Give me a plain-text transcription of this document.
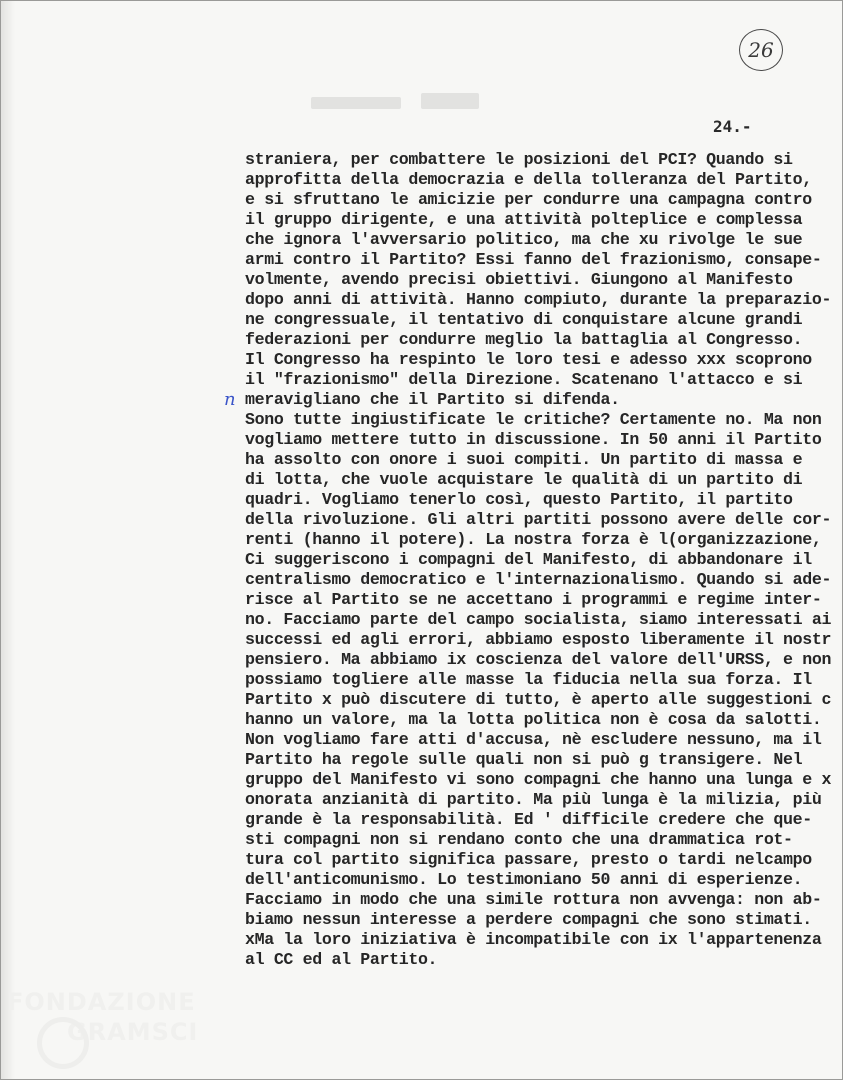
26
24.-
n
straniera, per combattere le posizioni del PCI? Quando si
approfitta della democrazia e della tolleranza del Partito,
e si sfruttano le amicizie per condurre una campagna contro
il gruppo dirigente, e una attività polteplice e complessa
che ignora l'avversario politico, ma che xu rivolge le sue
armi contro il Partito? Essi fanno del frazionismo, consape-
volmente, avendo precisi obiettivi. Giungono al Manifesto
dopo anni di attività. Hanno compiuto, durante la preparazio-
ne congressuale, il tentativo di conquistare alcune grandi
federazioni per condurre meglio la battaglia al Congresso.
Il Congresso ha respinto le loro tesi e adesso xxx scoprono
il "frazionismo" della Direzione. Scatenano l'attacco e si
meravigliano che il Partito si difenda.
Sono tutte ingiustificate le critiche? Certamente no. Ma non
vogliamo mettere tutto in discussione. In 50 anni il Partito
ha assolto con onore i suoi compiti. Un partito di massa e
di lotta, che vuole acquistare le qualità di un partito di
quadri. Vogliamo tenerlo così, questo Partito, il partito
della rivoluzione. Gli altri partiti possono avere delle cor-
renti (hanno il potere). La nostra forza è l(organizzazione,
Ci suggeriscono i compagni del Manifesto, di abbandonare il
centralismo democratico e l'internazionalismo. Quando si ade-
risce al Partito se ne accettano i programmi e regime inter-
no. Facciamo parte del campo socialista, siamo interessati ai
successi ed agli errori, abbiamo esposto liberamente il nostr
pensiero. Ma abbiamo ix coscienza del valore dell'URSS, e non
possiamo togliere alle masse la fiducia nella sua forza. Il
Partito x può discutere di tutto, è aperto alle suggestioni c
hanno un valore, ma la lotta politica non è cosa da salotti.
Non vogliamo fare atti d'accusa, nè escludere nessuno, ma il
Partito ha regole sulle quali non si può g transigere. Nel
gruppo del Manifesto vi sono compagni che hanno una lunga e x
onorata anzianità di partito. Ma più lunga è la milizia, più
grande è la responsabilità. Ed ' difficile credere che que-
sti compagni non si rendano conto che una drammatica rot-
tura col partito significa passare, presto o tardi nelcampo
dell'anticomunismo. Lo testimoniano 50 anni di esperienze.
Facciamo in modo che una simile rottura non avvenga: non ab-
biamo nessun interesse a perdere compagni che sono stimati.
xMa la loro iniziativa è incompatibile con ix l'appartenenza
al CC ed al Partito.
FONDAZIONE
GRAMSCI
